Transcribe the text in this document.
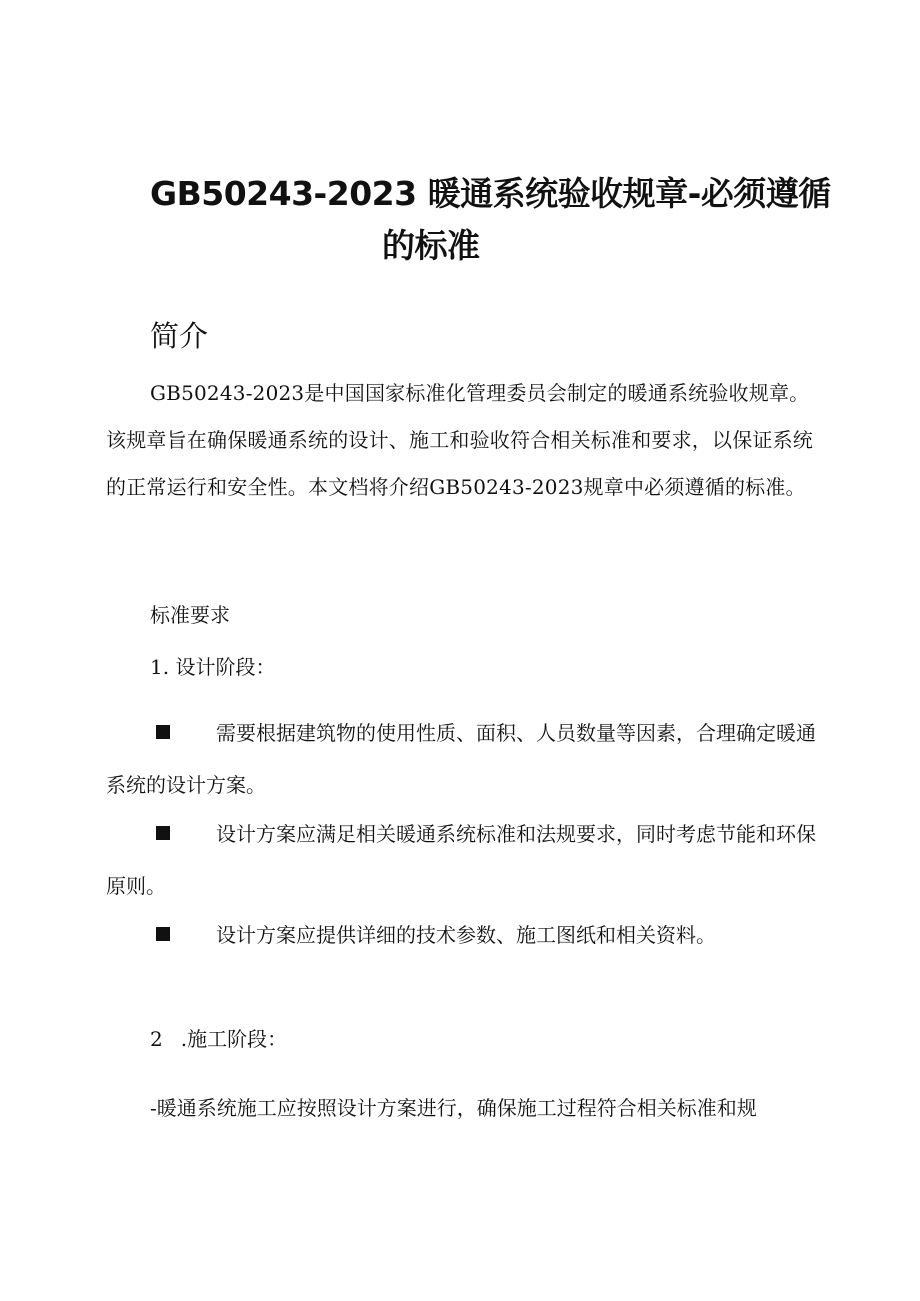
GB50243-2023 暖通系统验收规章-必须遵循
的标准
简介

GB50243-2023是中国国家标准化管理委员会制定的暖通系统验收规章。该规章旨在确保暖通系统的设计、施工和验收符合相关标准和要求，以保证系统的正常运行和安全性。本文档将介绍GB50243-2023规章中必须遵循的标准。

标准要求

1. 设计阶段：

需要根据建筑物的使用性质、面积、人员数量等因素，合理确定暖通系统的设计方案。

设计方案应满足相关暖通系统标准和法规要求，同时考虑节能和环保原则。

设计方案应提供详细的技术参数、施工图纸和相关资料。

2 .施工阶段：

-暖通系统施工应按照设计方案进行，确保施工过程符合相关标准和规
